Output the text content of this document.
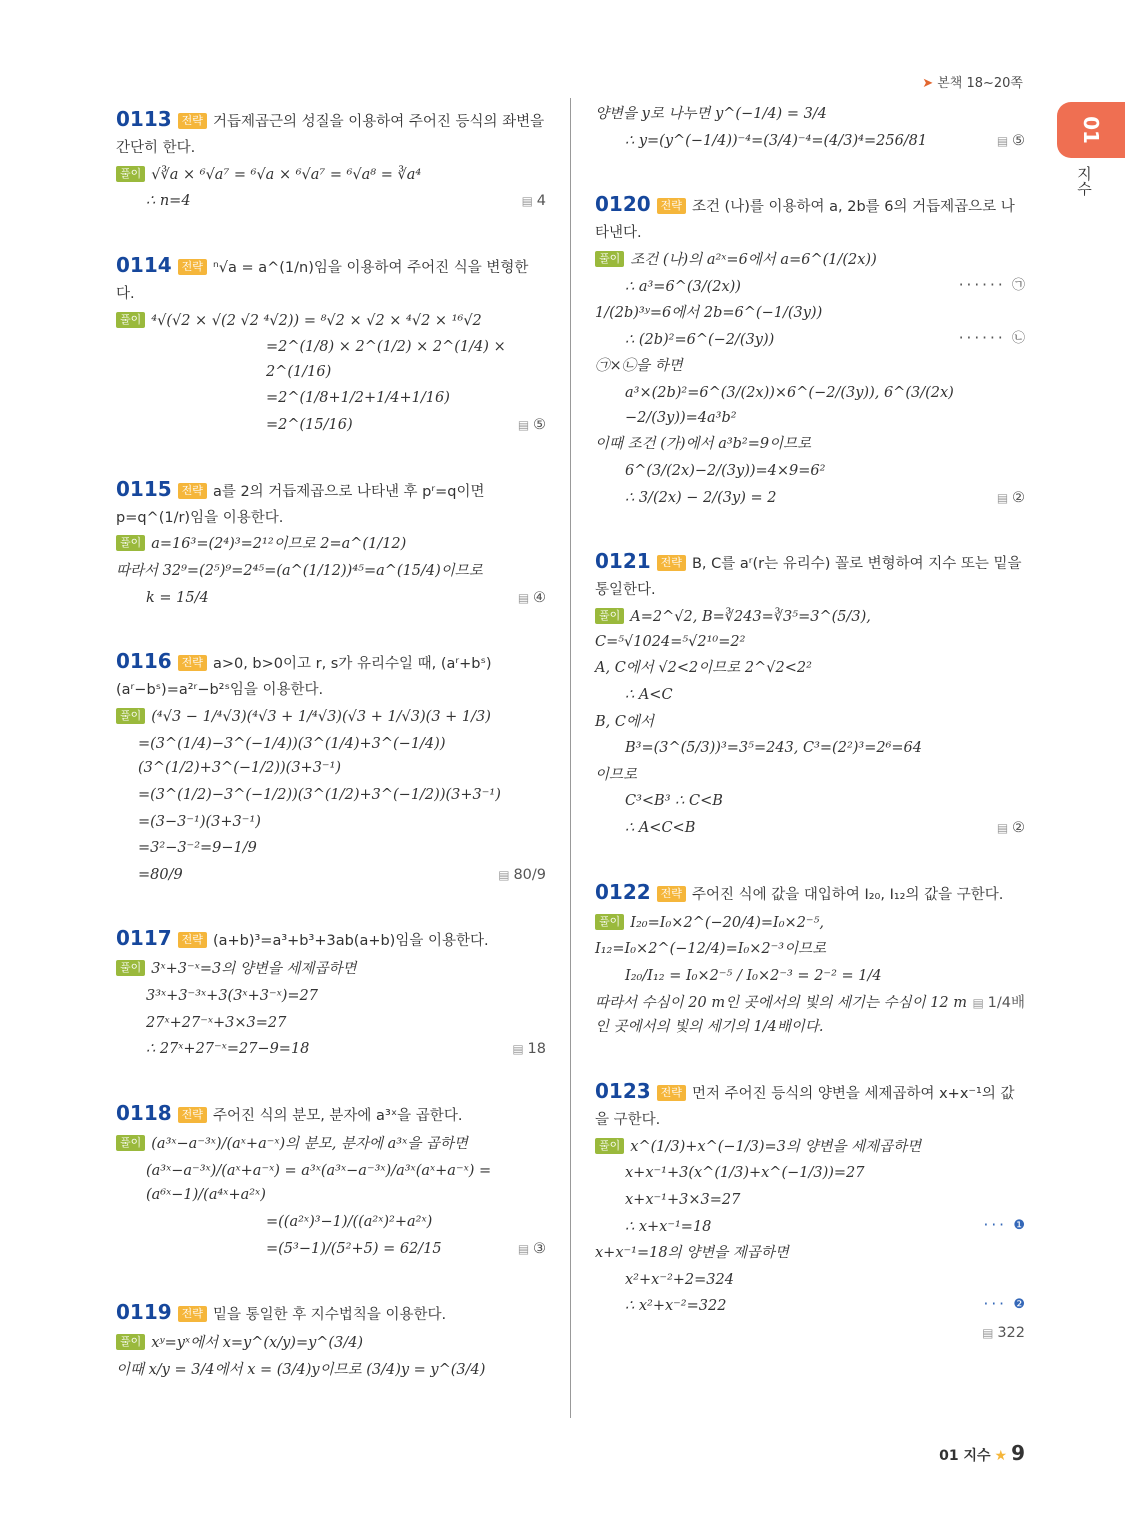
➤ 본책 18~20쪽
01
지수
0113 전략 거듭제곱근의 성질을 이용하여 주어진 등식의 좌변을 간단히 한다.
풀이 √∛a × ⁶√a⁷ = ⁶√a × ⁶√a⁷ = ⁶√a⁸ = ∛a⁴
▤ 4
∴ n=4
0114 전략 ⁿ√a = a^(1/n)임을 이용하여 주어진 식을 변형한다.
풀이 ⁴√(√2 × √(2 √2 ⁴√2)) = ⁸√2 × √2 × ⁴√2 × ¹⁶√2
=2^(1/8) × 2^(1/2) × 2^(1/4) × 2^(1/16)
=2^(1/8+1/2+1/4+1/16)
▤ ⑤
=2^(15/16)
0115 전략 a를 2의 거듭제곱으로 나타낸 후 pʳ=q이면 p=q^(1/r)임을 이용한다.
풀이 a=16³=(2⁴)³=2¹²이므로 2=a^(1/12)
따라서 32⁹=(2⁵)⁹=2⁴⁵=(a^(1/12))⁴⁵=a^(15/4)이므로
▤ ④
k = 15/4
0116 전략 a>0, b>0이고 r, s가 유리수일 때, (aʳ+bˢ)(aʳ−bˢ)=a²ʳ−b²ˢ임을 이용한다.
풀이 (⁴√3 − 1/⁴√3)(⁴√3 + 1/⁴√3)(√3 + 1/√3)(3 + 1/3)
=(3^(1/4)−3^(−1/4))(3^(1/4)+3^(−1/4))(3^(1/2)+3^(−1/2))(3+3⁻¹)
=(3^(1/2)−3^(−1/2))(3^(1/2)+3^(−1/2))(3+3⁻¹)
=(3−3⁻¹)(3+3⁻¹)
=3²−3⁻²=9−1/9
▤ 80/9
=80/9
0117 전략 (a+b)³=a³+b³+3ab(a+b)임을 이용한다.
풀이 3ˣ+3⁻ˣ=3의 양변을 세제곱하면
3³ˣ+3⁻³ˣ+3(3ˣ+3⁻ˣ)=27
27ˣ+27⁻ˣ+3×3=27
▤ 18
∴ 27ˣ+27⁻ˣ=27−9=18
0118 전략 주어진 식의 분모, 분자에 a³ˣ을 곱한다.
풀이 (a³ˣ−a⁻³ˣ)/(aˣ+a⁻ˣ)의 분모, 분자에 a³ˣ을 곱하면
(a³ˣ−a⁻³ˣ)/(aˣ+a⁻ˣ) = a³ˣ(a³ˣ−a⁻³ˣ)/a³ˣ(aˣ+a⁻ˣ) = (a⁶ˣ−1)/(a⁴ˣ+a²ˣ)
=((a²ˣ)³−1)/((a²ˣ)²+a²ˣ)
▤ ③
=(5³−1)/(5²+5) = 62/15
0119 전략 밑을 통일한 후 지수법칙을 이용한다.
풀이 xʸ=yˣ에서 x=y^(x/y)=y^(3/4)
이때 x/y = 3/4에서 x = (3/4)y이므로 (3/4)y = y^(3/4)
양변을 y로 나누면 y^(−1/4) = 3/4
▤ ⑤
∴ y=(y^(−1/4))⁻⁴=(3/4)⁻⁴=(4/3)⁴=256/81
0120 전략 조건 (나)를 이용하여 a, 2b를 6의 거듭제곱으로 나타낸다.
풀이 조건 (나)의 a²ˣ=6에서 a=6^(1/(2x))
······ ㉠
∴ a³=6^(3/(2x))
1/(2b)³ʸ=6에서 2b=6^(−1/(3y))
······ ㉡
∴ (2b)²=6^(−2/(3y))
㉠×㉡을 하면
a³×(2b)²=6^(3/(2x))×6^(−2/(3y)), 6^(3/(2x)−2/(3y))=4a³b²
이때 조건 (가)에서 a³b²=9이므로
6^(3/(2x)−2/(3y))=4×9=6²
▤ ②
∴ 3/(2x) − 2/(3y) = 2
0121 전략 B, C를 aʳ(r는 유리수) 꼴로 변형하여 지수 또는 밑을 통일한다.
풀이 A=2^√2, B=∛243=∛3⁵=3^(5/3), C=⁵√1024=⁵√2¹⁰=2²
A, C에서 √2<2이므로 2^√2<2²
∴ A<C
B, C에서
B³=(3^(5/3))³=3⁵=243, C³=(2²)³=2⁶=64
이므로
C³<B³ ∴ C<B
▤ ②
∴ A<C<B
0122 전략 주어진 식에 값을 대입하여 I₂₀, I₁₂의 값을 구한다.
풀이 I₂₀=I₀×2^(−20/4)=I₀×2⁻⁵,
I₁₂=I₀×2^(−12/4)=I₀×2⁻³이므로
I₂₀/I₁₂ = I₀×2⁻⁵ / I₀×2⁻³ = 2⁻² = 1/4
▤ 1/4배
따라서 수심이 20 m인 곳에서의 빛의 세기는 수심이 12 m인 곳에서의 빛의 세기의 1/4배이다.
0123 전략 먼저 주어진 등식의 양변을 세제곱하여 x+x⁻¹의 값을 구한다.
풀이 x^(1/3)+x^(−1/3)=3의 양변을 세제곱하면
x+x⁻¹+3(x^(1/3)+x^(−1/3))=27
x+x⁻¹+3×3=27
··· ❶
∴ x+x⁻¹=18
x+x⁻¹=18의 양변을 제곱하면
x²+x⁻²+2=324
··· ❷
∴ x²+x⁻²=322
▤ 322
01 지수 ★ 9
